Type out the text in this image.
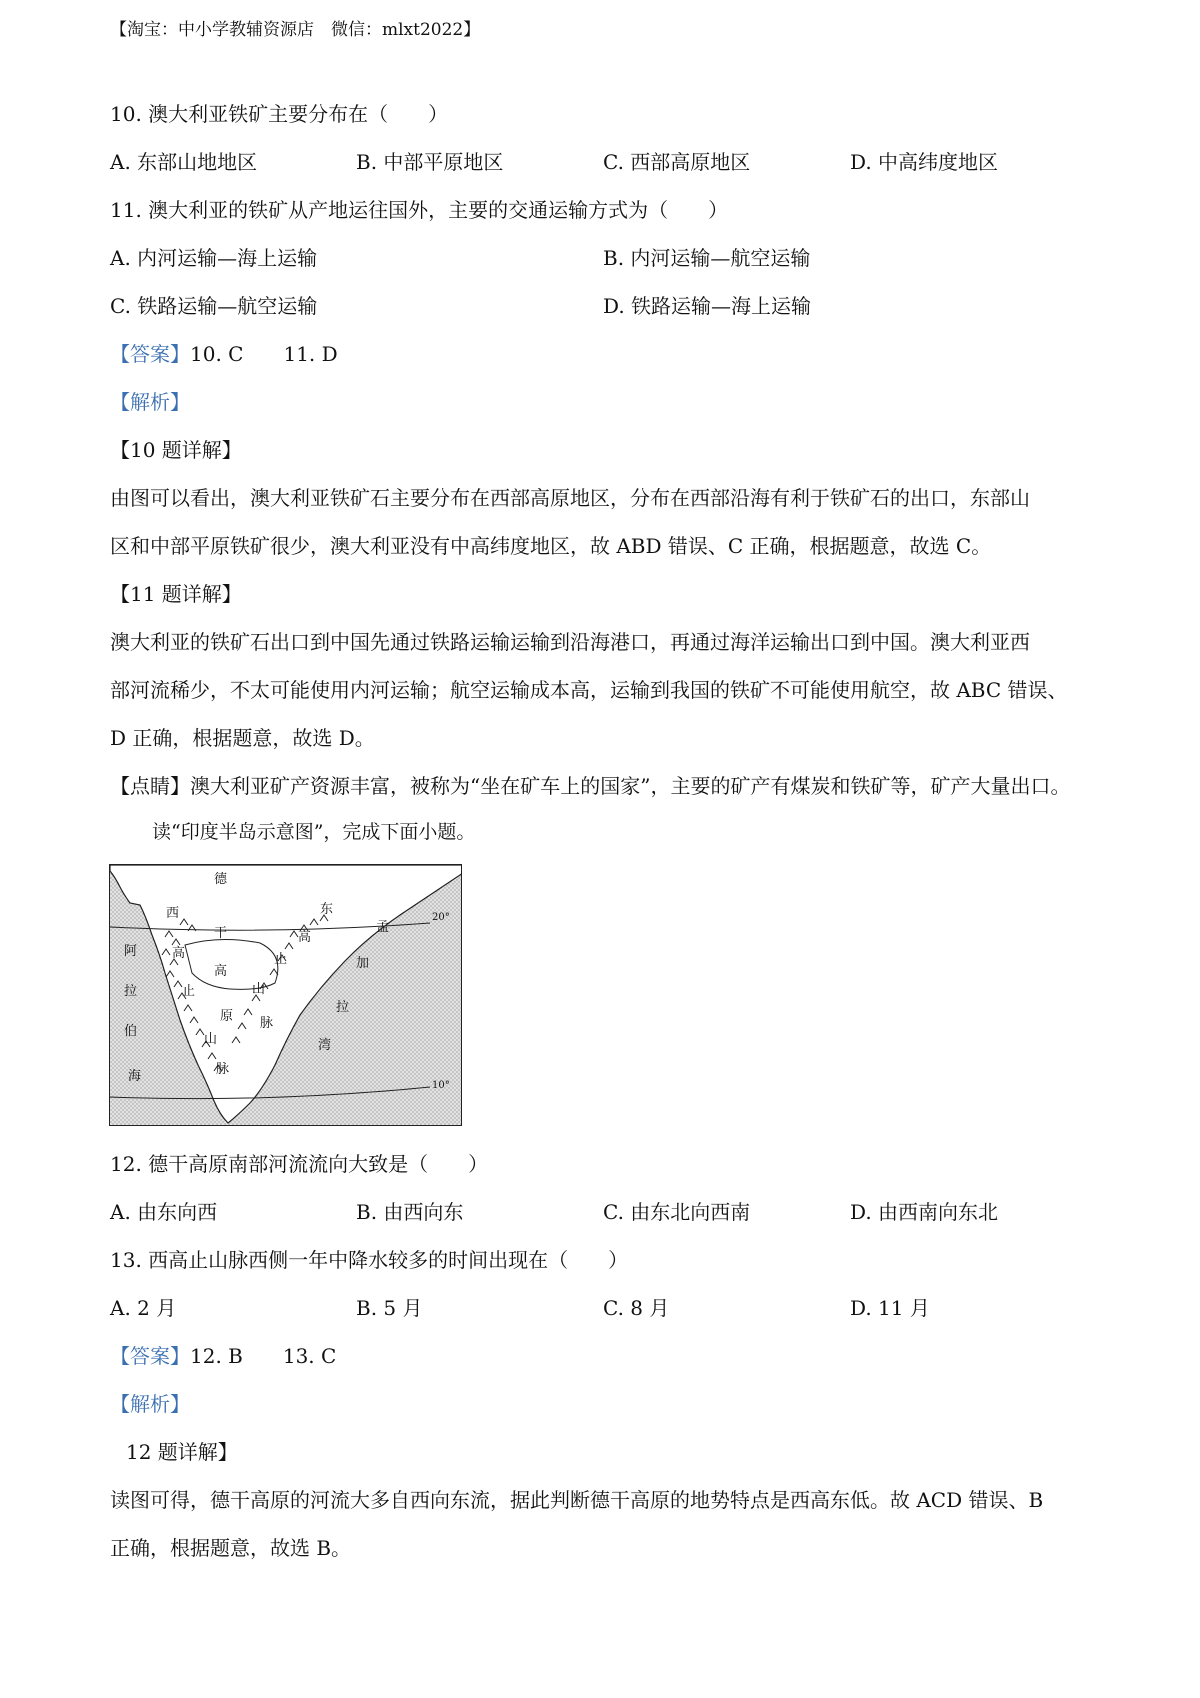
【淘宝：中小学教辅资源店　微信：mlxt2022】
10. 澳大利亚铁矿主要分布在（　　）
A. 东部山地地区	B. 中部平原地区	C. 西部高原地区	D. 中高纬度地区
11. 澳大利亚的铁矿从产地运往国外，主要的交通运输方式为（　　）
A. 内河运输—海上运输	B. 内河运输—航空运输
C. 铁路运输—航空运输	D. 铁路运输—海上运输
【答案】10. C　　11. D
【解析】
【10 题详解】
由图可以看出，澳大利亚铁矿石主要分布在西部高原地区，分布在西部沿海有利于铁矿石的出口，东部山
区和中部平原铁矿很少，澳大利亚没有中高纬度地区，故 ABD 错误、C 正确，根据题意，故选 C。
【11 题详解】
澳大利亚的铁矿石出口到中国先通过铁路运输运输到沿海港口，再通过海洋运输出口到中国。澳大利亚西
部河流稀少，不太可能使用内河运输；航空运输成本高，运输到我国的铁矿不可能使用航空，故 ABC 错误、
D 正确，根据题意，故选 D。
【点睛】澳大利亚矿产资源丰富，被称为“坐在矿车上的国家”，主要的矿产有煤炭和铁矿等，矿产大量出口。
读“印度半岛示意图”，完成下面小题。
德
干
高
原
西
高
止
山
脉
东
高
止
山
脉
阿
拉
伯
海
孟
加
拉
湾
20°
10°
12. 德干高原南部河流流向大致是（　　）
A. 由东向西	B. 由西向东	C. 由东北向西南	D. 由西南向东北
13. 西高止山脉西侧一年中降水较多的时间出现在（　　）
A. 2 月	B. 5 月	C. 8 月	D. 11 月
【答案】12. B　　13. C
【解析】
12 题详解】
读图可得，德干高原的河流大多自西向东流，据此判断德干高原的地势特点是西高东低。故 ACD 错误、B
正确，根据题意，故选 B。
